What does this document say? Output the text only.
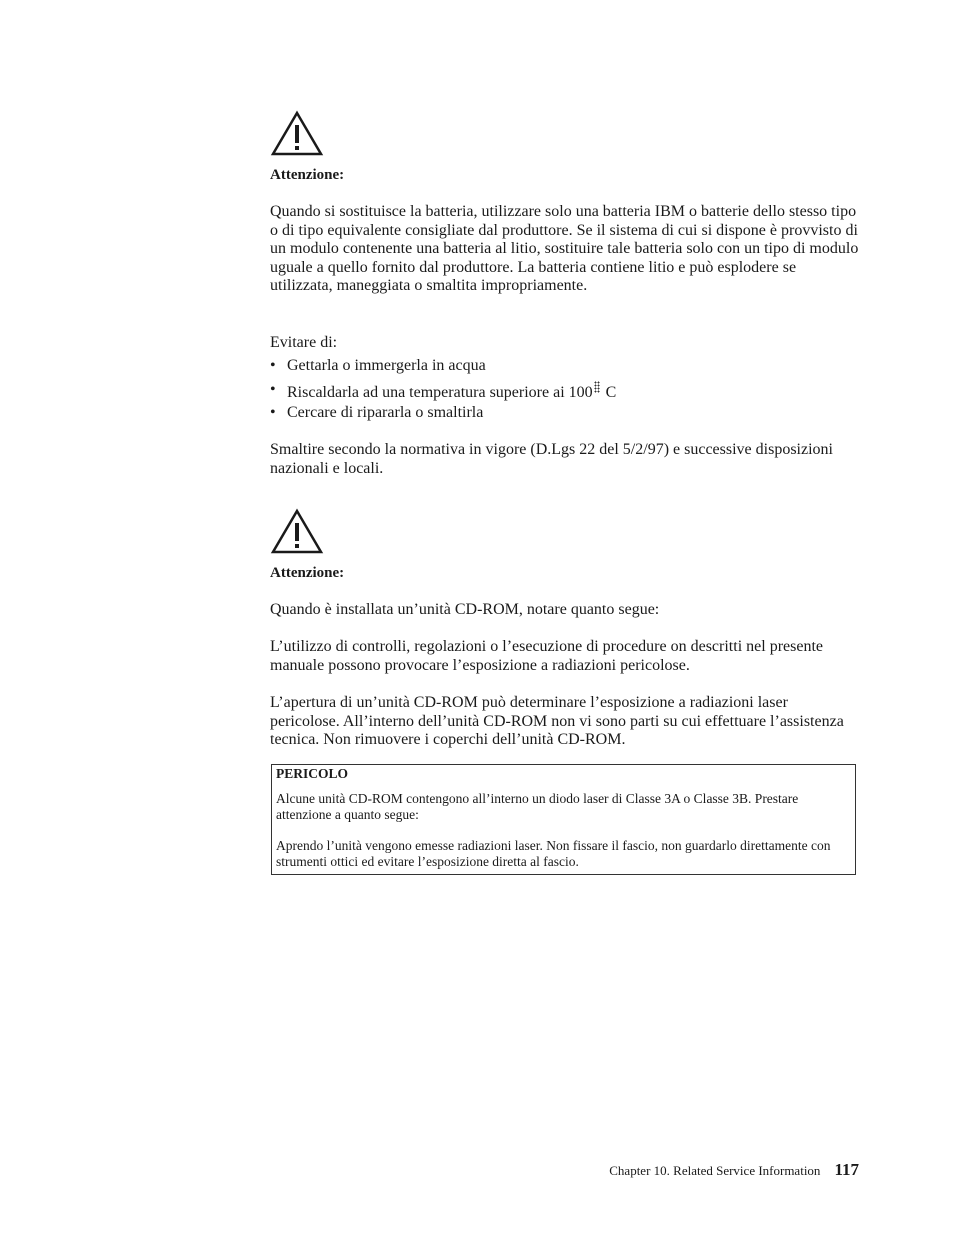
Attenzione:
Quando si sostituisce la batteria, utilizzare solo una batteria IBM o batterie dello stesso tipo o di tipo equivalente consigliate dal produttore. Se il sistema di cui si dispone è provvisto di un modulo contenente una batteria al litio, sostituire tale batteria solo con un tipo di modulo uguale a quello fornito dal produttore. La batteria contiene litio e può esplodere se utilizzata, maneggiata o smaltita impropriamente.
Evitare di:
• Gettarla o immergerla in acqua
• Riscaldarla ad una temperatura superiore ai 100 C
• Cercare di ripararla o smaltirla
Smaltire secondo la normativa in vigore (D.Lgs 22 del 5/2/97) e successive disposizioni nazionali e locali.
Attenzione:
Quando è installata un’unità CD-ROM, notare quanto segue:
L’utilizzo di controlli, regolazioni o l’esecuzione di procedure on descritti nel presente manuale possono provocare l’esposizione a radiazioni pericolose.
L’apertura di un’unità CD-ROM può determinare l’esposizione a radiazioni laser pericolose. All’interno dell’unità CD-ROM non vi sono parti su cui effettuare l’assistenza tecnica. Non rimuovere i coperchi dell’unità CD-ROM.
PERICOLO
Alcune unità CD-ROM contengono all’interno un diodo laser di Classe 3A o Classe 3B. Prestare attenzione a quanto segue:
Aprendo l’unità vengono emesse radiazioni laser. Non fissare il fascio, non guardarlo direttamente con strumenti ottici ed evitare l’esposizione diretta al fascio.
Chapter 10. Related Service Information 117
